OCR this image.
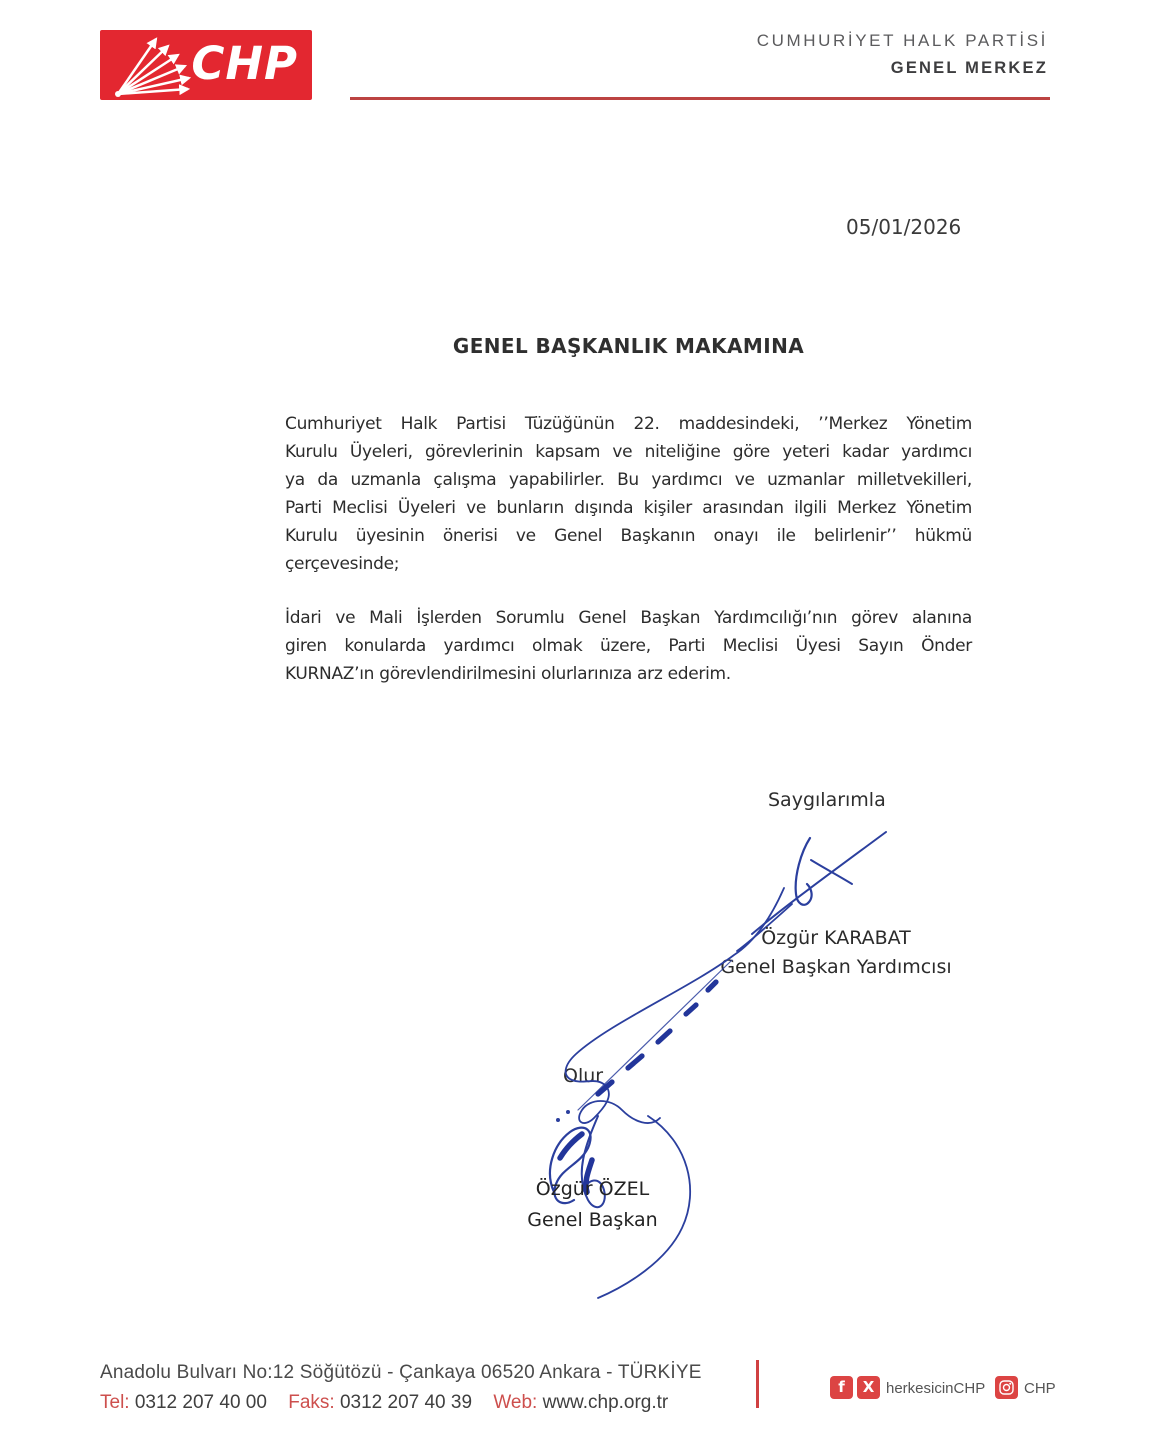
CHP	CUMHURİYET HALK PARTİSİ
GENEL MERKEZ
05/01/2026
GENEL BAŞKANLIK MAKAMINA
Cumhuriyet Halk Partisi Tüzüğünün 22. maddesindeki, ’’Merkez Yönetim
Kurulu Üyeleri, görevlerinin kapsam ve niteliğine göre yeteri kadar yardımcı
ya da uzmanla çalışma yapabilirler. Bu yardımcı ve uzmanlar milletvekilleri,
Parti Meclisi Üyeleri ve bunların dışında kişiler arasından ilgili Merkez Yönetim
Kurulu üyesinin önerisi ve Genel Başkanın onayı ile belirlenir’’ hükmü
çerçevesinde;
İdari ve Mali İşlerden Sorumlu Genel Başkan Yardımcılığı’nın görev alanına
giren konularda yardımcı olmak üzere, Parti Meclisi Üyesi Sayın Önder
KURNAZ’ın görevlendirilmesini olurlarınıza arz ederim.
Saygılarımla
Özgür KARABAT
Genel Başkan Yardımcısı
Olur
Özgür ÖZEL
Genel Başkan
Anadolu Bulvarı No:12 Söğütözü - Çankaya 06520 Ankara - TÜRKİYE
Tel: 0312 207 40 00 Faks: 0312 207 40 39 Web: www.chp.org.tr
f X herkesicinCHP	CHP
